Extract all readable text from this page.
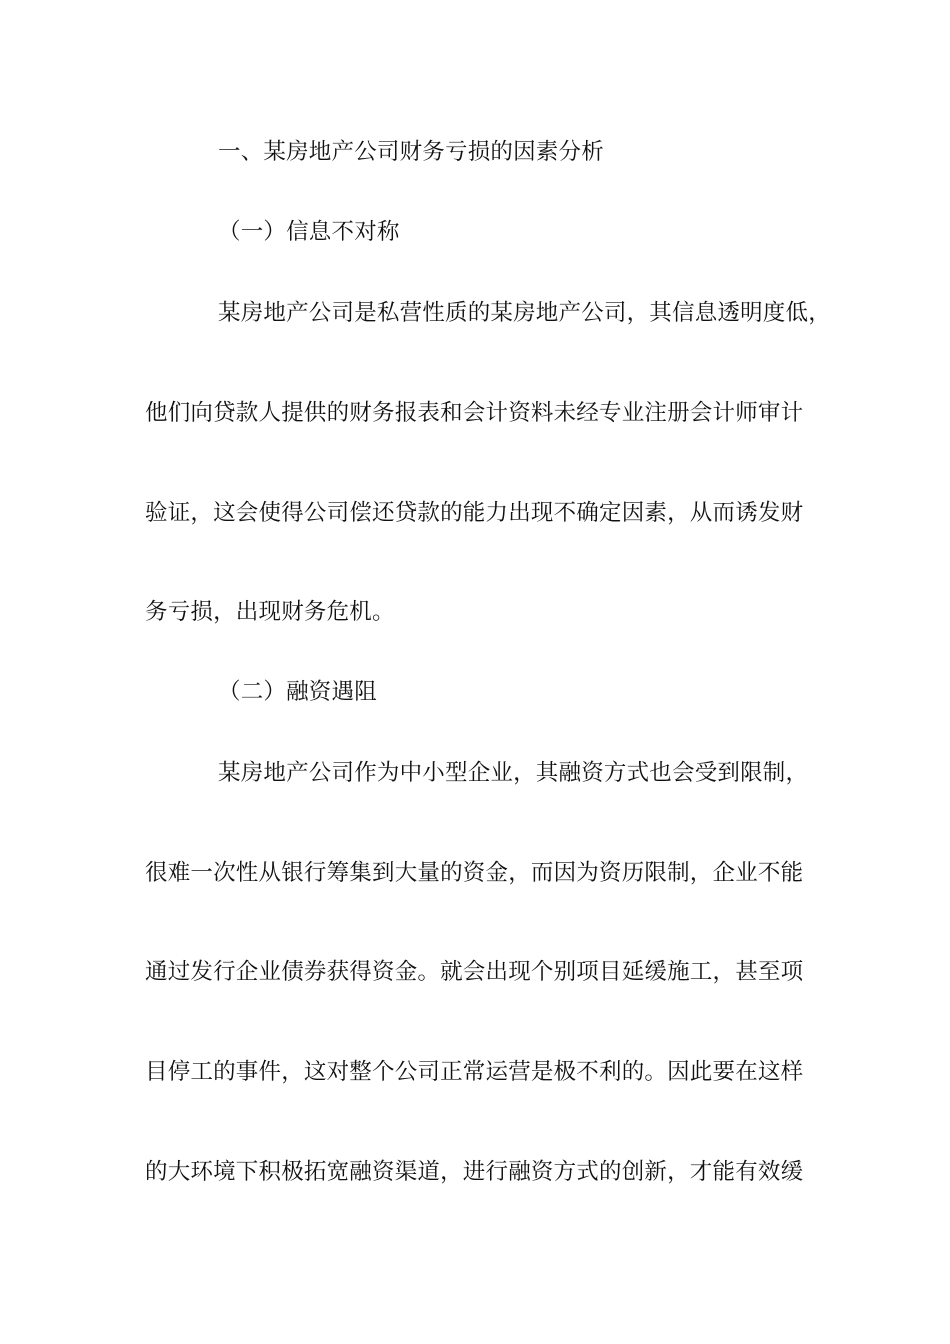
一、某房地产公司财务亏损的因素分析
（一）信息不对称
某房地产公司是私营性质的某房地产公司，其信息透明度低，
他们向贷款人提供的财务报表和会计资料未经专业注册会计师审计
验证，这会使得公司偿还贷款的能力出现不确定因素，从而诱发财
务亏损，出现财务危机。
（二）融资遇阻
某房地产公司作为中小型企业，其融资方式也会受到限制，
很难一次性从银行筹集到大量的资金，而因为资历限制，企业不能
通过发行企业债券获得资金。就会出现个别项目延缓施工，甚至项
目停工的事件，这对整个公司正常运营是极不利的。因此要在这样
的大环境下积极拓宽融资渠道，进行融资方式的创新，才能有效缓
